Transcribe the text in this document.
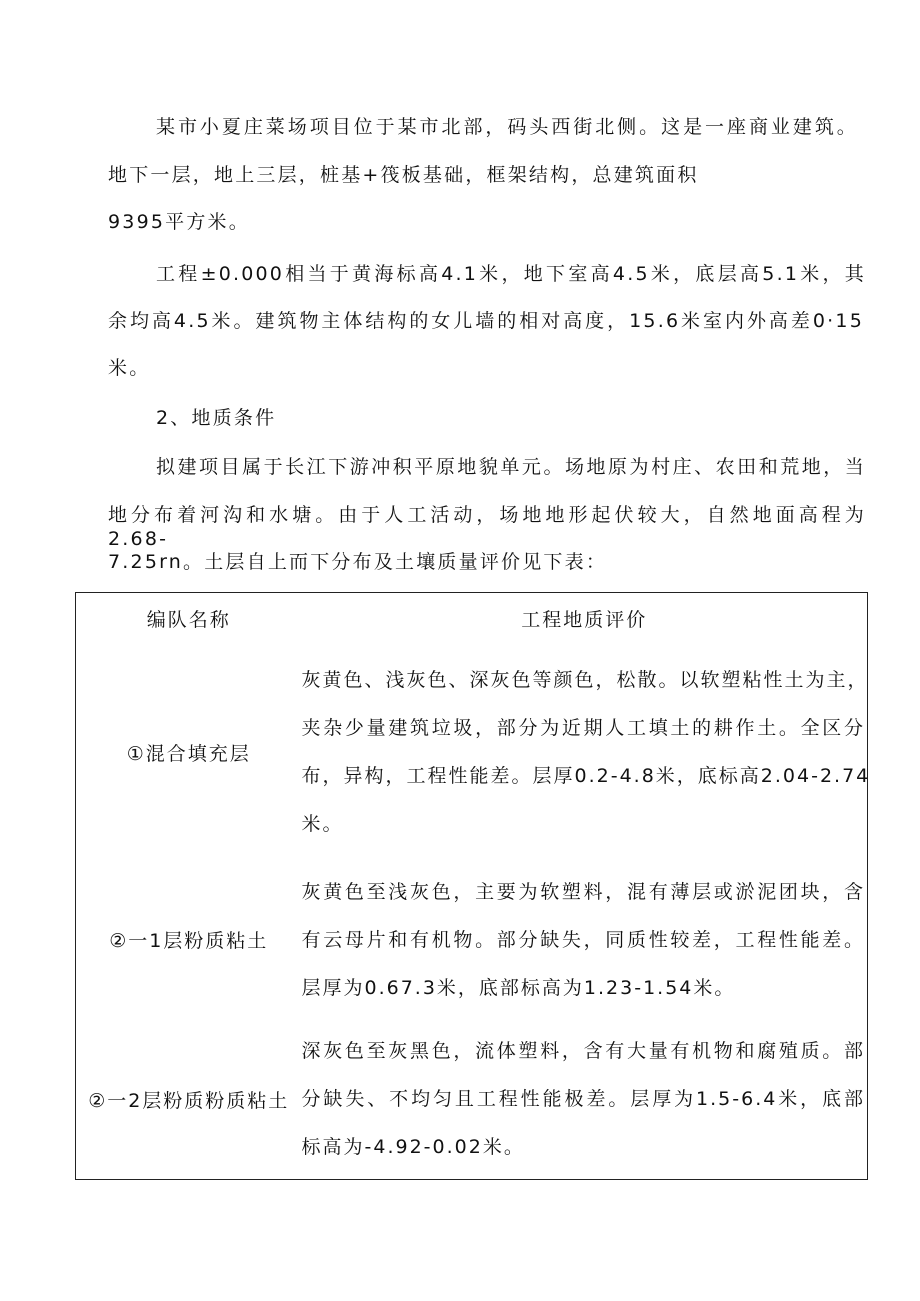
某市小夏庄菜场项目位于某市北部，码头西街北侧。这是一座商业建筑。
地下一层，地上三层，桩基+筏板基础，框架结构，总建筑面积
9395平方米。
工程±0.000相当于黄海标高4.1米，地下室高4.5米，底层高5.1米，其
余均高4.5米。建筑物主体结构的女儿墙的相对高度，15.6米室内外高差0·15
米。
2、地质条件
拟建项目属于长江下游冲积平原地貌单元。场地原为村庄、农田和荒地，当
地分布着河沟和水塘。由于人工活动，场地地形起伏较大，自然地面高程为2.68-
7.25rn。土层自上而下分布及土壤质量评价见下表：
编队名称	工程地质评价
①混合填充层	灰黄色、浅灰色、深灰色等颜色，松散。以软塑粘性土为主，
夹杂少量建筑垃圾，部分为近期人工填土的耕作土。全区分
布，异构，工程性能差。层厚0.2-4.8米，底标高2.04-2.74
米。

②一1层粉质粘土	灰黄色至浅灰色，主要为软塑料，混有薄层或淤泥团块，含
有云母片和有机物。部分缺失，同质性较差，工程性能差。
层厚为0.67.3米，底部标高为1.23-1.54米。

②一2层粉质粉质粘土	深灰色至灰黑色，流体塑料，含有大量有机物和腐殖质。部
分缺失、不均匀且工程性能极差。层厚为1.5-6.4米，底部
标高为-4.92-0.02米。
